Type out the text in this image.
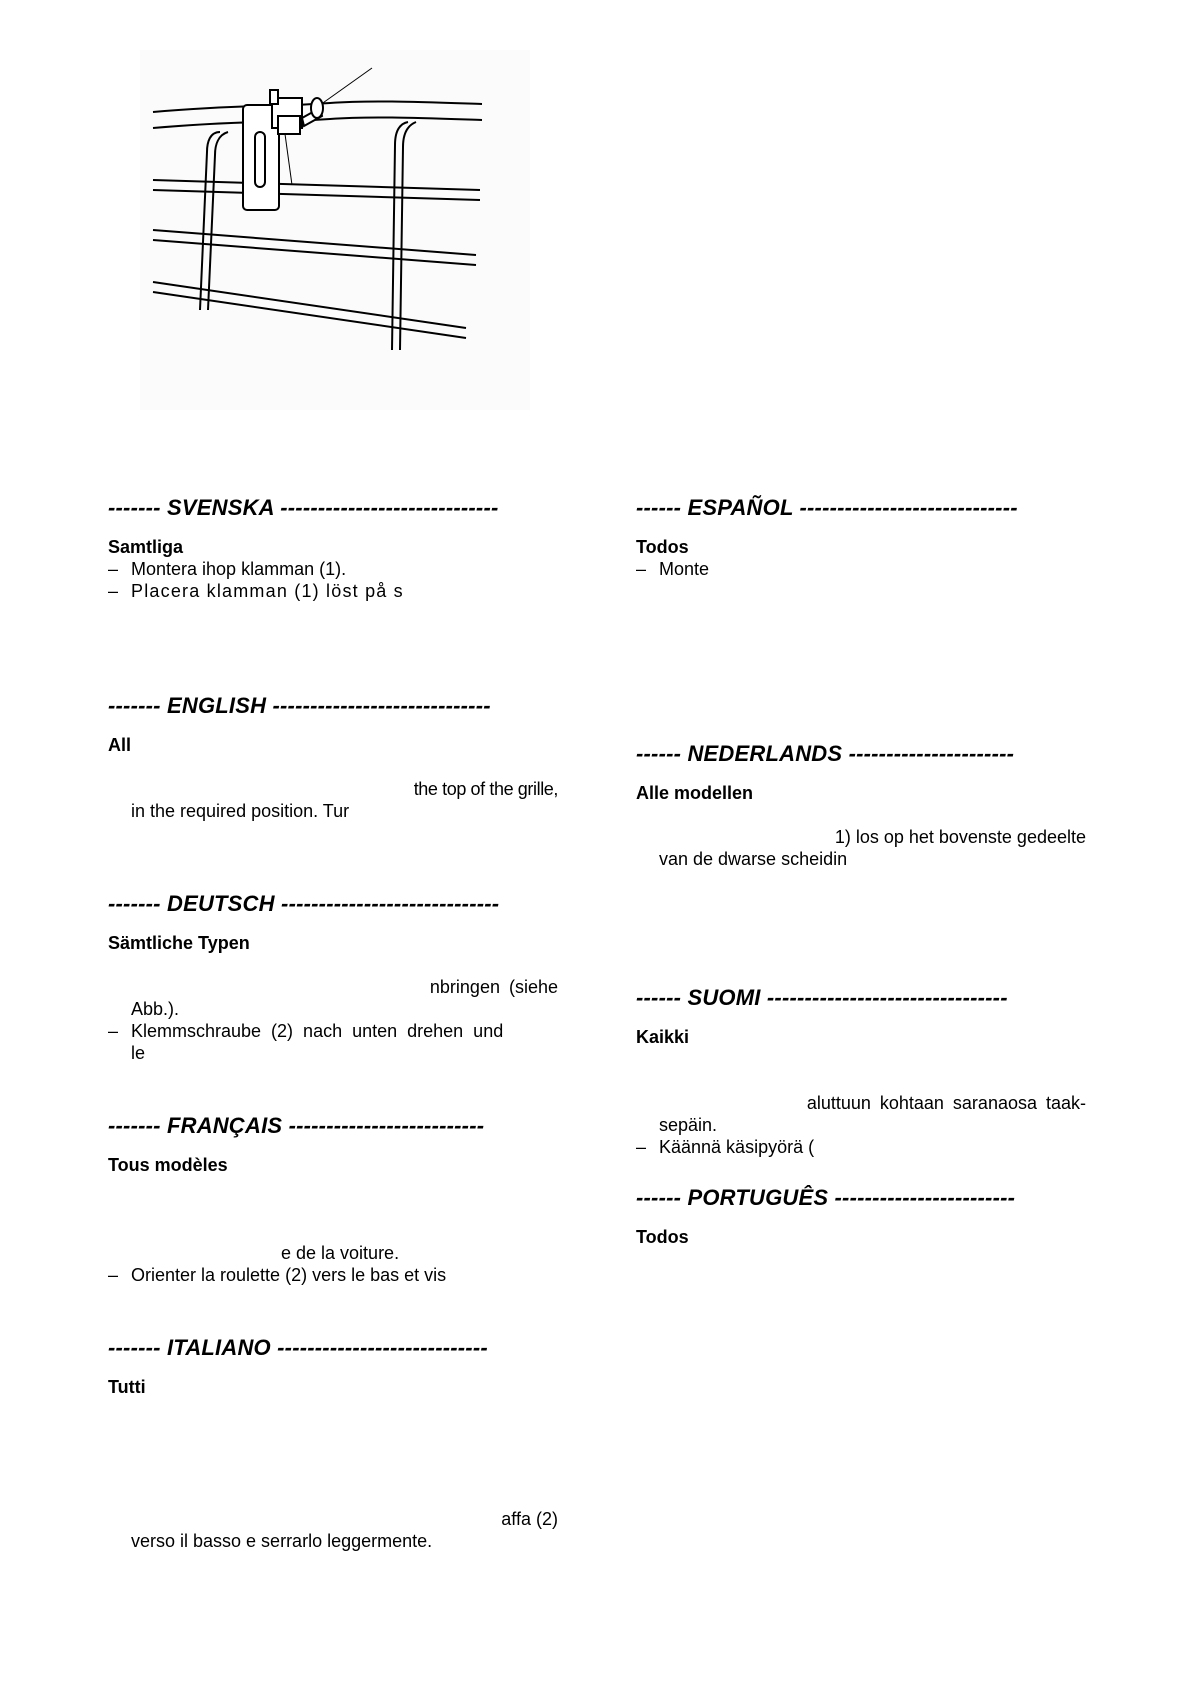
------- SVENSKA -----------------------------
Samtliga
– Montera ihop klamman (1).
– Placera klamman (1) löst på s
------- ENGLISH -----------------------------
All
the top of the grille,
in the required position. Tur
------- DEUTSCH -----------------------------
Sämtliche Typen
nbringen (siehe
Abb.).
– Klemmschraube (2) nach unten drehen und
le
------- FRANÇAIS --------------------------
Tous modèles
e de la voiture.
– Orienter la roulette (2) vers le bas et vis
------- ITALIANO ----------------------------
Tutti
affa (2)
verso il basso e serrarlo leggermente.
------ ESPAÑOL -----------------------------
Todos
– Monte
------ NEDERLANDS ----------------------
Alle modellen
1) los op het bovenste gedeelte
van de dwarse scheidin
------ SUOMI --------------------------------
Kaikki
aluttuun kohtaan saranaosa taak-
sepäin.
– Käännä käsipyörä (
------ PORTUGUÊS ------------------------
Todos
